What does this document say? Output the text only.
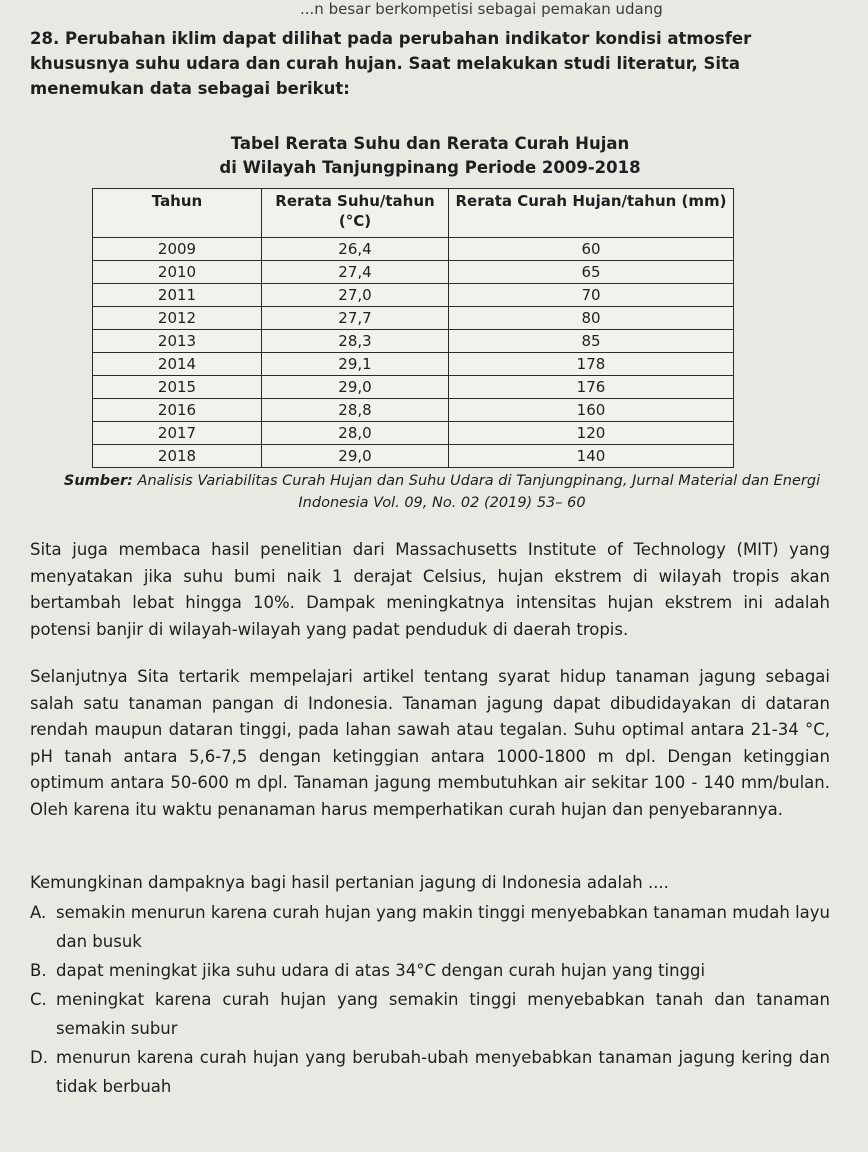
...n besar berkompetisi sebagai pemakan udang
28. Perubahan iklim dapat dilihat pada perubahan indikator kondisi atmosfer khususnya suhu udara dan curah hujan. Saat melakukan studi literatur, Sita menemukan data sebagai berikut:
Tabel Rerata Suhu dan Rerata Curah Hujan
di Wilayah Tanjungpinang Periode 2009-2018
Tahun	Rerata Suhu/tahun (°C)	Rerata Curah Hujan/tahun (mm)
2009	26,4	60
2010	27,4	65
2011	27,0	70
2012	27,7	80
2013	28,3	85
2014	29,1	178
2015	29,0	176
2016	28,8	160
2017	28,0	120
2018	29,0	140
Sumber: Analisis Variabilitas Curah Hujan dan Suhu Udara di Tanjungpinang, Jurnal Material dan Energi Indonesia Vol. 09, No. 02 (2019) 53– 60
Sita juga membaca hasil penelitian dari Massachusetts Institute of Technology (MIT) yang menyatakan jika suhu bumi naik 1 derajat Celsius, hujan ekstrem di wilayah tropis akan bertambah lebat hingga 10%. Dampak meningkatnya intensitas hujan ekstrem ini adalah potensi banjir di wilayah-wilayah yang padat penduduk di daerah tropis.
Selanjutnya Sita tertarik mempelajari artikel tentang syarat hidup tanaman jagung sebagai salah satu tanaman pangan di Indonesia. Tanaman jagung dapat dibudidayakan di dataran rendah maupun dataran tinggi, pada lahan sawah atau tegalan. Suhu optimal antara 21-34 °C, pH tanah antara 5,6-7,5 dengan ketinggian antara 1000-1800 m dpl. Dengan ketinggian optimum antara 50-600 m dpl. Tanaman jagung membutuhkan air sekitar 100 - 140 mm/bulan. Oleh karena itu waktu penanaman harus memperhatikan curah hujan dan penyebarannya.
Kemungkinan dampaknya bagi hasil pertanian jagung di Indonesia adalah ....
A. semakin menurun karena curah hujan yang makin tinggi menyebabkan tanaman mudah layu dan busuk
B. dapat meningkat jika suhu udara di atas 34°C dengan curah hujan yang tinggi
C. meningkat karena curah hujan yang semakin tinggi menyebabkan tanah dan tanaman semakin subur
D. menurun karena curah hujan yang berubah-ubah menyebabkan tanaman jagung kering dan tidak berbuah
